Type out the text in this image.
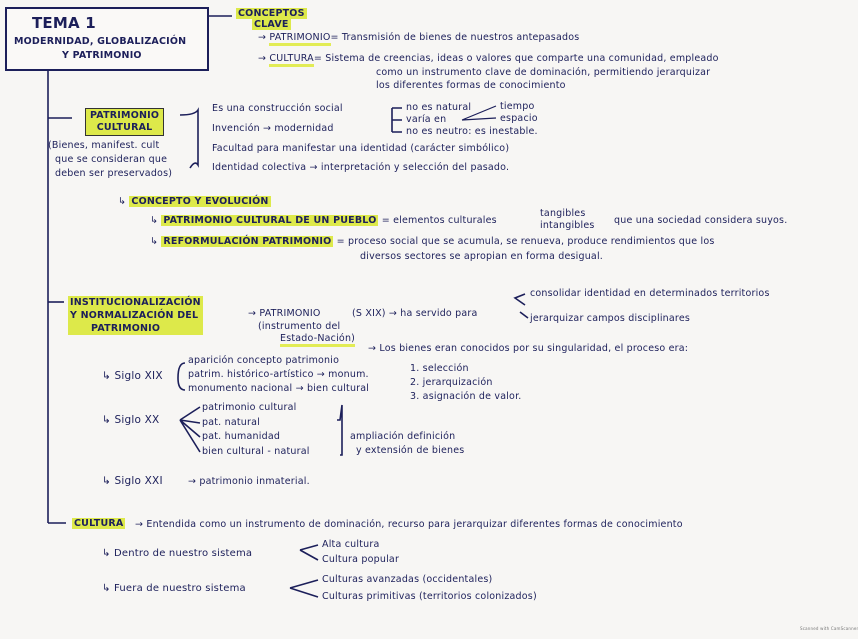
TEMA 1
MODERNIDAD, GLOBALIZACIÓN
Y PATRIMONIO
CONCEPTOS
CLAVE
→ PATRIMONIO= Transmisión de bienes de nuestros antepasados
→ CULTURA= Sistema de creencias, ideas o valores que comparte una comunidad, empleado
como un instrumento clave de dominación, permitiendo jerarquizar
los diferentes formas de conocimiento
PATRIMONIO
CULTURAL
(Bienes, manifest. cult
que se consideran que
deben ser preservados)
Es una construcción social
Invención → modernidad
Facultad para manifestar una identidad (carácter simbólico)
Identidad colectiva → interpretación y selección del pasado.
no es natural
varía en
tiempo
espacio
no es neutro: es inestable.
↳ CONCEPTO Y EVOLUCIÓN
↳ PATRIMONIO CULTURAL DE UN PUEBLO = elementos culturales
tangibles
intangibles que una sociedad considera suyos.
↳ REFORMULACIÓN PATRIMONIO = proceso social que se acumula, se renueva, produce rendimientos que los
diversos sectores se apropian en forma desigual.
INSTITUCIONALIZACIÓN
Y NORMALIZACIÓN DEL
PATRIMONIO
→ PATRIMONIO
(instrumento del
Estado-Nación)
(S XIX) → ha servido para
consolidar identidad en determinados territorios
jerarquizar campos disciplinares
→ Los bienes eran conocidos por su singularidad, el proceso era:
↳ Siglo XIX
aparición concepto patrimonio
patrim. histórico-artístico → monum.
monumento nacional → bien cultural
1. selección
2. jerarquización
3. asignación de valor.
↳ Siglo XX
patrimonio cultural
pat. natural
pat. humanidad
bien cultural - natural
ampliación definición
y extensión de bienes
↳ Siglo XXI	→ patrimonio inmaterial.
CULTURA → Entendida como un instrumento de dominación, recurso para jerarquizar diferentes formas de conocimiento
↳ Dentro de nuestro sistema
Alta cultura
Cultura popular
↳ Fuera de nuestro sistema
Culturas avanzadas (occidentales)
Culturas primitivas (territorios colonizados)
Scanned with CamScanner
